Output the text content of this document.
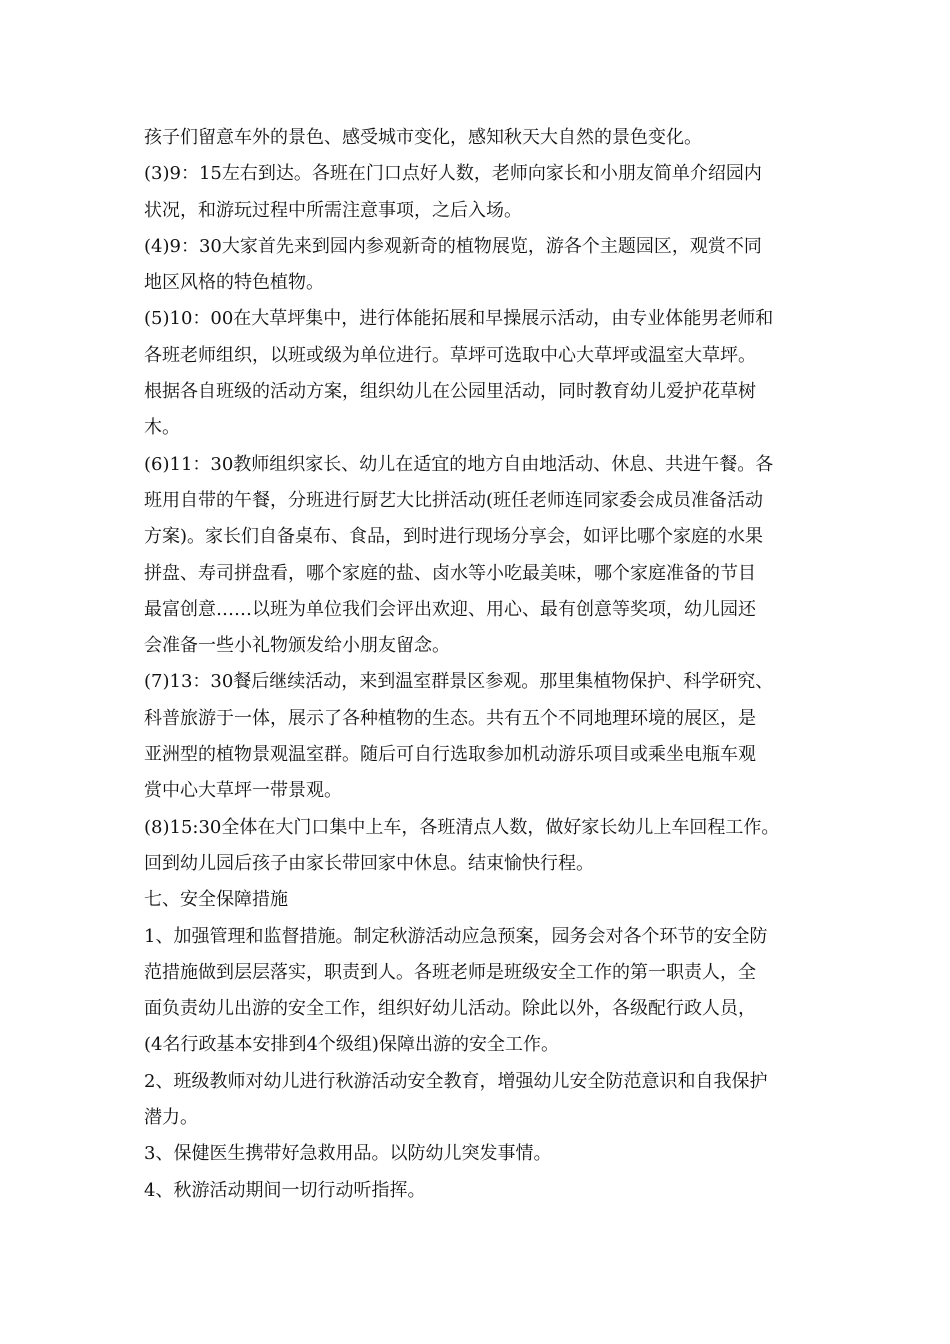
孩子们留意车外的景色、感受城市变化，感知秋天大自然的景色变化。
(3)9：15左右到达。各班在门口点好人数，老师向家长和小朋友简单介绍园内
状况，和游玩过程中所需注意事项，之后入场。
(4)9：30大家首先来到园内参观新奇的植物展览，游各个主题园区，观赏不同
地区风格的特色植物。
(5)10：00在大草坪集中，进行体能拓展和早操展示活动，由专业体能男老师和
各班老师组织，以班或级为单位进行。草坪可选取中心大草坪或温室大草坪。
根据各自班级的活动方案，组织幼儿在公园里活动，同时教育幼儿爱护花草树
木。
(6)11：30教师组织家长、幼儿在适宜的地方自由地活动、休息、共进午餐。各
班用自带的午餐，分班进行厨艺大比拼活动(班任老师连同家委会成员准备活动
方案)。家长们自备桌布、食品，到时进行现场分享会，如评比哪个家庭的水果
拼盘、寿司拼盘看，哪个家庭的盐、卤水等小吃最美味，哪个家庭准备的节目
最富创意……以班为单位我们会评出欢迎、用心、最有创意等奖项，幼儿园还
会准备一些小礼物颁发给小朋友留念。
(7)13：30餐后继续活动，来到温室群景区参观。那里集植物保护、科学研究、
科普旅游于一体，展示了各种植物的生态。共有五个不同地理环境的展区，是
亚洲型的植物景观温室群。随后可自行选取参加机动游乐项目或乘坐电瓶车观
赏中心大草坪一带景观。
(8)15:30全体在大门口集中上车，各班清点人数，做好家长幼儿上车回程工作。
回到幼儿园后孩子由家长带回家中休息。结束愉快行程。
七、安全保障措施
1、加强管理和监督措施。制定秋游活动应急预案，园务会对各个环节的安全防
范措施做到层层落实，职责到人。各班老师是班级安全工作的第一职责人，全
面负责幼儿出游的安全工作，组织好幼儿活动。除此以外，各级配行政人员，
(4名行政基本安排到4个级组)保障出游的安全工作。
2、班级教师对幼儿进行秋游活动安全教育，增强幼儿安全防范意识和自我保护
潜力。
3、保健医生携带好急救用品。以防幼儿突发事情。
4、秋游活动期间一切行动听指挥。
